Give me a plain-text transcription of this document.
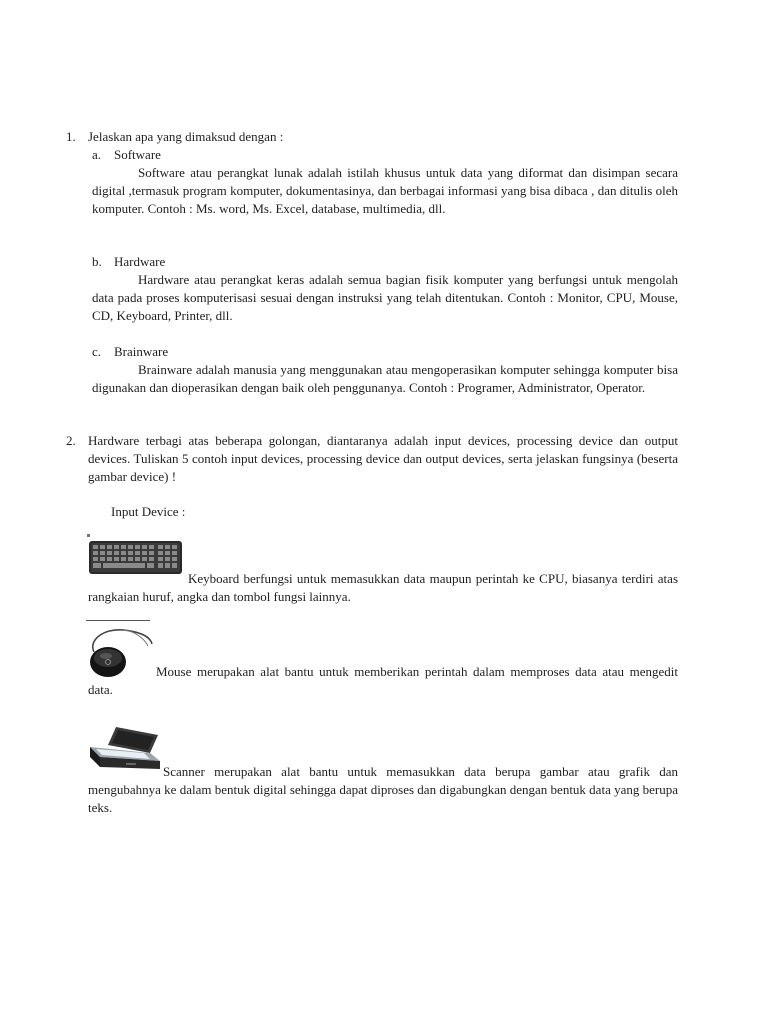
1. Jelaskan apa yang dimaksud dengan :
a. Software
Software atau perangkat lunak adalah istilah khusus untuk data yang diformat dan disimpan secara digital ,termasuk program komputer, dokumentasinya, dan berbagai informasi yang bisa dibaca , dan ditulis oleh komputer. Contoh : Ms. word, Ms. Excel, database, multimedia, dll.
b. Hardware
Hardware atau perangkat keras adalah semua bagian fisik komputer yang berfungsi untuk mengolah data pada proses komputerisasi sesuai dengan instruksi yang telah ditentukan. Contoh : Monitor, CPU, Mouse, CD, Keyboard, Printer, dll.
c. Brainware
Brainware adalah manusia yang menggunakan atau mengoperasikan komputer sehingga komputer bisa digunakan dan dioperasikan dengan baik oleh penggunanya. Contoh : Programer, Administrator, Operator.
2. Hardware terbagi atas beberapa golongan, diantaranya adalah input devices, processing device dan output devices. Tuliskan 5 contoh input devices, processing device dan output devices, serta jelaskan fungsinya (beserta gambar device) !
Input Device :
Keyboard berfungsi untuk memasukkan data maupun perintah ke CPU, biasanya terdiri atas rangkaian huruf, angka dan tombol fungsi lainnya.
Mouse merupakan alat bantu untuk memberikan perintah dalam memproses data atau mengedit data.
Scanner merupakan alat bantu untuk memasukkan data berupa gambar atau grafik dan mengubahnya ke dalam bentuk digital sehingga dapat diproses dan digabungkan dengan bentuk data yang berupa teks.
